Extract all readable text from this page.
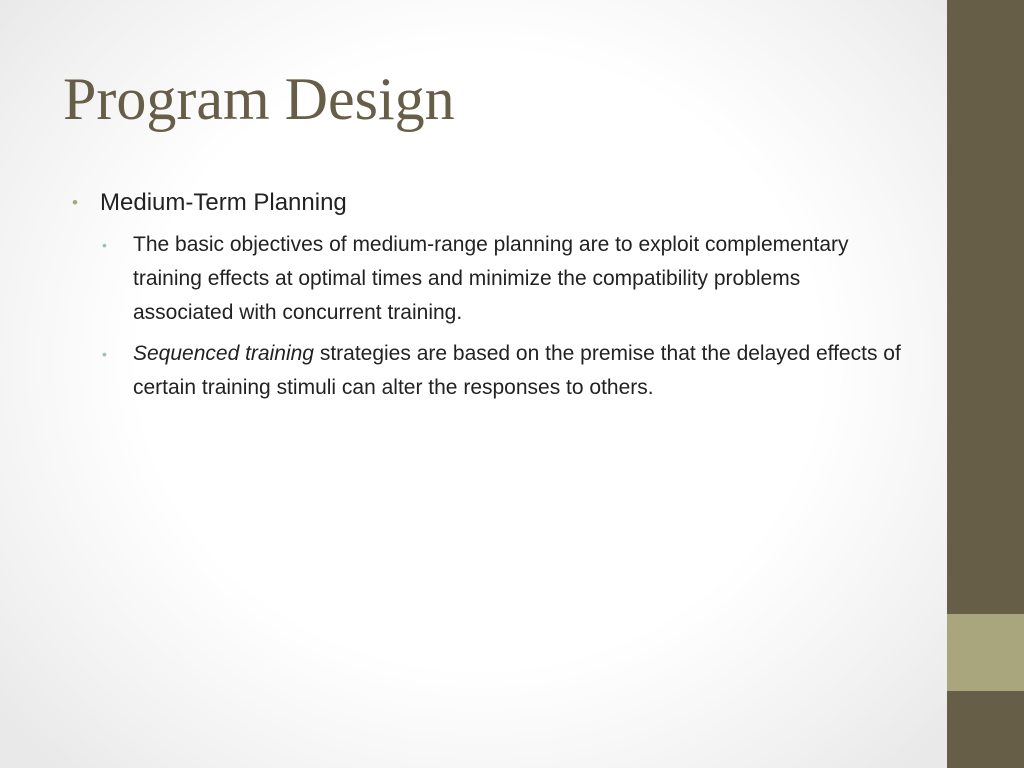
Program Design
• Medium-Term Planning
• The basic objectives of medium-range planning are to exploit complementary training effects at optimal times and minimize the compatibility problems associated with concurrent training.
• Sequenced training strategies are based on the premise that the delayed effects of certain training stimuli can alter the responses to others.
